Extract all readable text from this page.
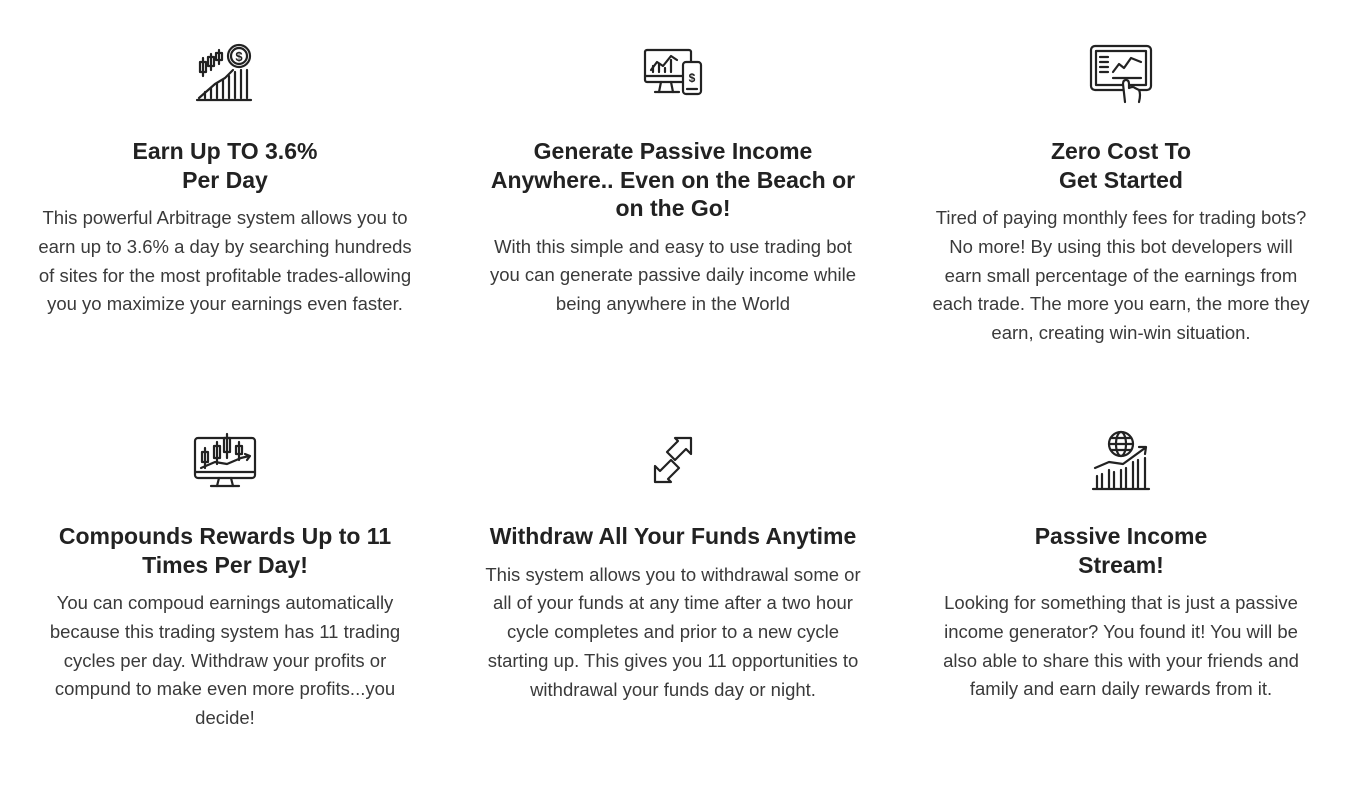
$
Earn Up TO 3.6%
Per Day

This powerful Arbitrage system allows you to earn up to 3.6% a day by searching hundreds of sites for the most profitable trades-allowing you yo maximize your earnings even faster.

$
Generate Passive Income
Anywhere.. Even on the Beach or
on the Go!

With this simple and easy to use trading bot you can generate passive daily income while being anywhere in the World

Zero Cost To
Get Started

Tired of paying monthly fees for trading bots? No more! By using this bot developers will earn small percentage of the earnings from each trade. The more you earn, the more they earn, creating win-win situation.

Compounds Rewards Up to 11
Times Per Day!

You can compoud earnings automatically because this trading system has 11 trading cycles per day. Withdraw your profits or compund to make even more profits...you decide!

Withdraw All Your Funds Anytime

This system allows you to withdrawal some or all of your funds at any time after a two hour cycle completes and prior to a new cycle starting up. This gives you 11 opportunities to withdrawal your funds day or night.

Passive Income
Stream!

Looking for something that is just a passive income generator? You found it! You will be also able to share this with your friends and family and earn daily rewards from it.
